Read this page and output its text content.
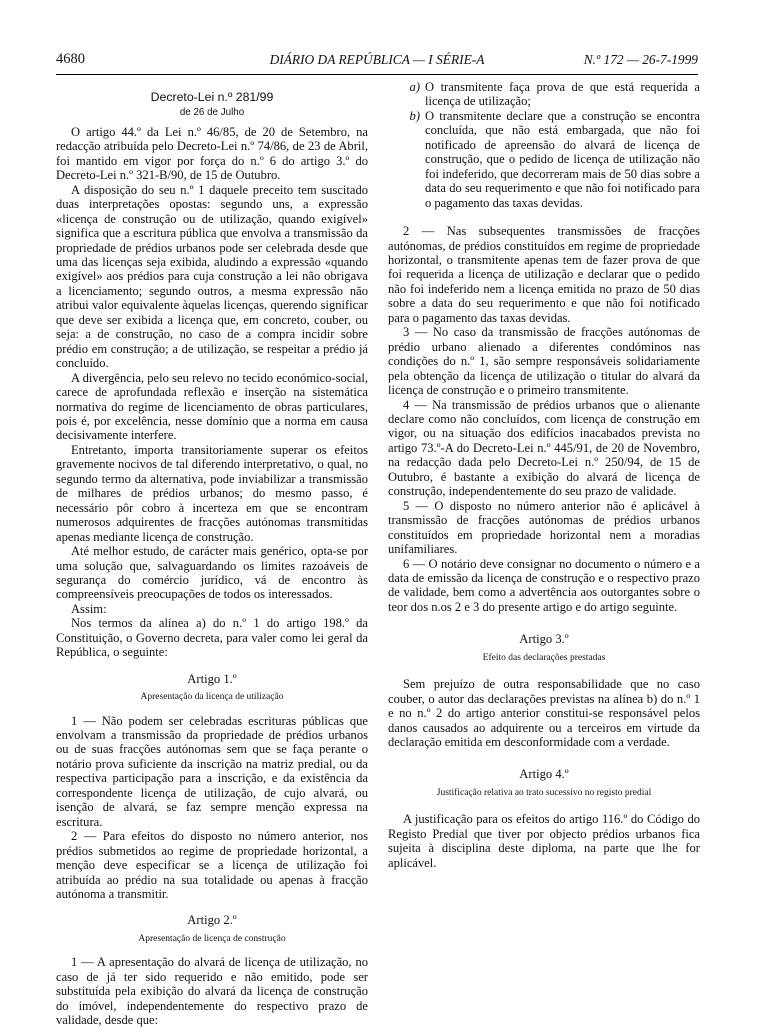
4680	DIÁRIO DA REPÚBLICA — I SÉRIE-A	N.º 172 — 26-7-1999

Decreto-Lei n.º 281/99

de 26 de Julho

O artigo 44.º da Lei n.º 46/85, de 20 de Setembro, na redacção atribuída pelo Decreto-Lei n.º 74/86, de 23 de Abril, foi mantido em vigor por força do n.º 6 do artigo 3.º do Decreto-Lei n.º 321-B/90, de 15 de Outubro.

A disposição do seu n.º 1 daquele preceito tem suscitado duas interpretações opostas: segundo uns, a expressão «licença de construção ou de utilização, quando exigível» significa que a escritura pública que envolva a transmissão da propriedade de prédios urbanos pode ser celebrada desde que uma das licenças seja exibida, aludindo a expressão «quando exigível» aos prédios para cuja construção a lei não obrigava a licenciamento; segundo outros, a mesma expressão não atribui valor equivalente àquelas licenças, querendo significar que deve ser exibida a licença que, em concreto, couber, ou seja: a de construção, no caso de a compra incidir sobre prédio em construção; a de utilização, se respeitar a prédio já concluído.

A divergência, pelo seu relevo no tecido económico-social, carece de aprofundada reflexão e inserção na sistemática normativa do regime de licenciamento de obras particulares, pois é, por excelência, nesse domínio que a norma em causa decisivamente interfere.

Entretanto, importa transitoriamente superar os efeitos gravemente nocivos de tal diferendo interpretativo, o qual, no segundo termo da alternativa, pode inviabilizar a transmissão de milhares de prédios urbanos; do mesmo passo, é necessário pôr cobro à incerteza em que se encontram numerosos adquirentes de fracções autónomas transmitidas apenas mediante licença de construção.

Até melhor estudo, de carácter mais genérico, opta-se por uma solução que, salvaguardando os limites razoáveis de segurança do comércio jurídico, vá de encontro às compreensíveis preocupações de todos os interessados.

Assim:

Nos termos da alínea a) do n.º 1 do artigo 198.º da Constituição, o Governo decreta, para valer como lei geral da República, o seguinte:

Artigo 1.º

Apresentação da licença de utilização

1 — Não podem ser celebradas escrituras públicas que envolvam a transmissão da propriedade de prédios urbanos ou de suas fracções autónomas sem que se faça perante o notário prova suficiente da inscrição na matriz predial, ou da respectiva participação para a inscrição, e da existência da correspondente licença de utilização, de cujo alvará, ou isenção de alvará, se faz sempre menção expressa na escritura.

2 — Para efeitos do disposto no número anterior, nos prédios submetidos ao regime de propriedade horizontal, a menção deve especificar se a licença de utilização foi atribuída ao prédio na sua totalidade ou apenas à fracção autónoma a transmitir.

Artigo 2.º

Apresentação de licença de construção

1 — A apresentação do alvará de licença de utilização, no caso de já ter sido requerido e não emitido, pode ser substituída pela exibição do alvará da licença de construção do imóvel, independentemente do respectivo prazo de validade, desde que:

a) O transmitente faça prova de que está requerida a licença de utilização;
b) O transmitente declare que a construção se encontra concluída, que não está embargada, que não foi notificado de apreensão do alvará de licença de construção, que o pedido de licença de utilização não foi indeferido, que decorreram mais de 50 dias sobre a data do seu requerimento e que não foi notificado para o pagamento das taxas devidas.

2 — Nas subsequentes transmissões de fracções autónomas, de prédios constituídos em regime de propriedade horizontal, o transmitente apenas tem de fazer prova de que foi requerida a licença de utilização e declarar que o pedido não foi indeferido nem a licença emitida no prazo de 50 dias sobre a data do seu requerimento e que não foi notificado para o pagamento das taxas devidas.

3 — No caso da transmissão de fracções autónomas de prédio urbano alienado a diferentes condóminos nas condições do n.º 1, são sempre responsáveis solidariamente pela obtenção da licença de utilização o titular do alvará da licença de construção e o primeiro transmitente.

4 — Na transmissão de prédios urbanos que o alienante declare como não concluídos, com licença de construção em vigor, ou na situação dos edifícios inacabados prevista no artigo 73.º-A do Decreto-Lei n.º 445/91, de 20 de Novembro, na redacção dada pelo Decreto-Lei n.º 250/94, de 15 de Outubro, é bastante a exibição do alvará de licença de construção, independentemente do seu prazo de validade.

5 — O disposto no número anterior não é aplicável à transmissão de fracções autónomas de prédios urbanos constituídos em propriedade horizontal nem a moradias unifamiliares.

6 — O notário deve consignar no documento o número e a data de emissão da licença de construção e o respectivo prazo de validade, bem como a advertência aos outorgantes sobre o teor dos n.os 2 e 3 do presente artigo e do artigo seguinte.

Artigo 3.º

Efeito das declarações prestadas

Sem prejuízo de outra responsabilidade que no caso couber, o autor das declarações previstas na alínea b) do n.º 1 e no n.º 2 do artigo anterior constitui-se responsável pelos danos causados ao adquirente ou a terceiros em virtude da declaração emitida em desconformidade com a verdade.

Artigo 4.º

Justificação relativa ao trato sucessivo no registo predial

A justificação para os efeitos do artigo 116.º do Código do Registo Predial que tiver por objecto prédios urbanos fica sujeita à disciplina deste diploma, na parte que lhe for aplicável.
